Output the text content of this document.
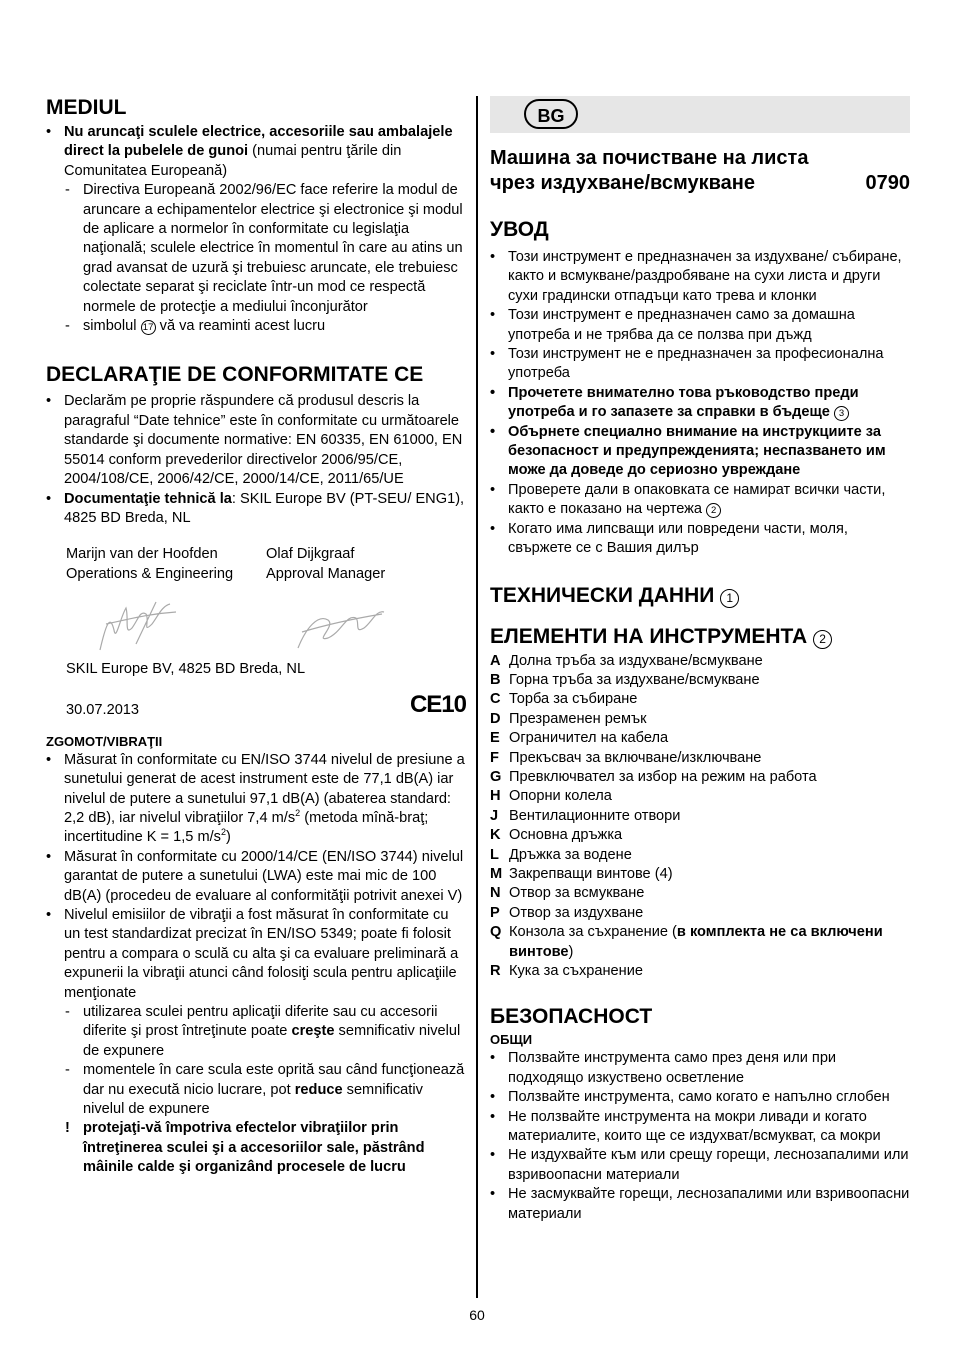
MEDIUL
• Nu aruncaţi sculele electrice, accesoriile sau ambalajele direct la pubelele de gunoi (numai pentru ţările din Comunitatea Europeană)
- Directiva Europeană 2002/96/EC face referire la modul de aruncare a echipamentelor electrice şi electronice şi modul de aplicare a normelor în conformitate cu legislaţia naţională; sculele electrice în momentul în care au atins un grad avansat de uzură şi trebuiesc aruncate, ele trebuiesc colectate separat şi reciclate într-un mod ce respectă normele de protecţie a mediului înconjurător
- simbolul 17 vă va reaminti acest lucru
DECLARAŢIE DE CONFORMITATE CE
• Declarăm pe proprie răspundere că produsul descris la paragraful “Date tehnice” este în conformitate cu următoarele standarde şi documente normative: EN 60335, EN 61000, EN 55014 conform prevederilor directivelor 2006/95/CE, 2004/108/CE, 2006/42/CE, 2000/14/CE, 2011/65/UE
• Documentaţie tehnică la: SKIL Europe BV (PT-SEU/ ENG1), 4825 BD Breda, NL
Marijn van der Hoofden
Operations & Engineering
Olaf Dijkgraaf
Approval Manager
SKIL Europe BV, 4825 BD Breda, NL
30.07.2013	CE10
ZGOMOT/VIBRAŢII
• Măsurat în conformitate cu EN/ISO 3744 nivelul de presiune a sunetului generat de acest instrument este de 77,1 dB(A) iar nivelul de putere a sunetului 97,1 dB(A) (abaterea standard: 2,2 dB), iar nivelul vibraţiilor 7,4 $m/s^2$ (metoda mînă-braţ; incertitudine K = 1,5 $m/s^2$)
• Măsurat în conformitate cu 2000/14/CE (EN/ISO 3744) nivelul garantat de putere a sunetului (LWA) este mai mic de 100 dB(A) (procedeu de evaluare al conformităţii potrivit anexei V)
• Nivelul emisiilor de vibraţii a fost măsurat în conformitate cu un test standardizat precizat în EN/ISO 5349; poate fi folosit pentru a compara o sculă cu alta şi ca evaluare preliminară a expunerii la vibraţii atunci când folosiţi scula pentru aplicaţiile menţionate
- utilizarea sculei pentru aplicaţii diferite sau cu accesorii diferite şi prost întreţinute poate creşte semnificativ nivelul de expunere
- momentele în care scula este oprită sau când funcţionează dar nu execută nicio lucrare, pot reduce semnificativ nivelul de expunere
! protejaţi-vă împotriva efectelor vibraţiilor prin întreţinerea sculei şi a accesoriilor sale, păstrând mâinile calde şi organizând procesele de lucru
BG
Машина за почистване на листа
чрез издухване/всмукване	0790
УВОД
• Този инструмент е предназначен за издухване/ събиране, както и всмукване/раздробяване на сухи листа и други сухи градински отпадъци като трева и клонки
• Този инструмент е предназначен само за домашна употреба и не трябва да се ползва при дъжд
• Този инструмент не е предназначен за професионална употреба
• Прочетете внимателно това ръководство преди употреба и го запазете за справки в бъдеще 3
• Обърнете специално внимание на инструкциите за безопасност и предупрежденията; неспазването им може да доведе до сериозно увреждане
• Проверете дали в опаковката се намират всички части, както е показано на чертежа 2
• Когато има липсващи или повредени части, моля, свържете се с Вашия дилър
ТЕХНИЧЕСКИ ДАННИ 1
ЕЛЕМЕНТИ НА ИНСТРУМЕНТА 2
A	Долна тръба за издухване/всмукване
B	Горна тръба за издухване/всмукване
C	Торба за събиране
D	Презраменен ремък
E	Ограничител на кабела
F	Прекъсвач за включване/изключване
G	Превключвател за избор на режим на работа
H	Опорни колела
J	Вентилационните отвори
K	Основна дръжка
L	Дръжка за водене
M	Закрепващи винтове (4)
N	Отвор за всмукване
P	Отвор за издухване
Q	Конзола за съхранение (в комплекта не са включени винтове)
R	Кука за съхранение
БЕЗОПАСНОСТ
ОБЩИ
• Ползвайте инструмента само през деня или при подходящо изкуствено осветление
• Ползвайте инструмента, само когато е напълно сглобен
• Не ползвайте инструмента на мокри ливади и когато материалите, които ще се издухват/всмукват, са мокри
• Не издухвайте към или срещу горещи, леснозапалими или взривоопасни материали
• Не засмуквайте горещи, леснозапалими или взривоопасни материали
60
